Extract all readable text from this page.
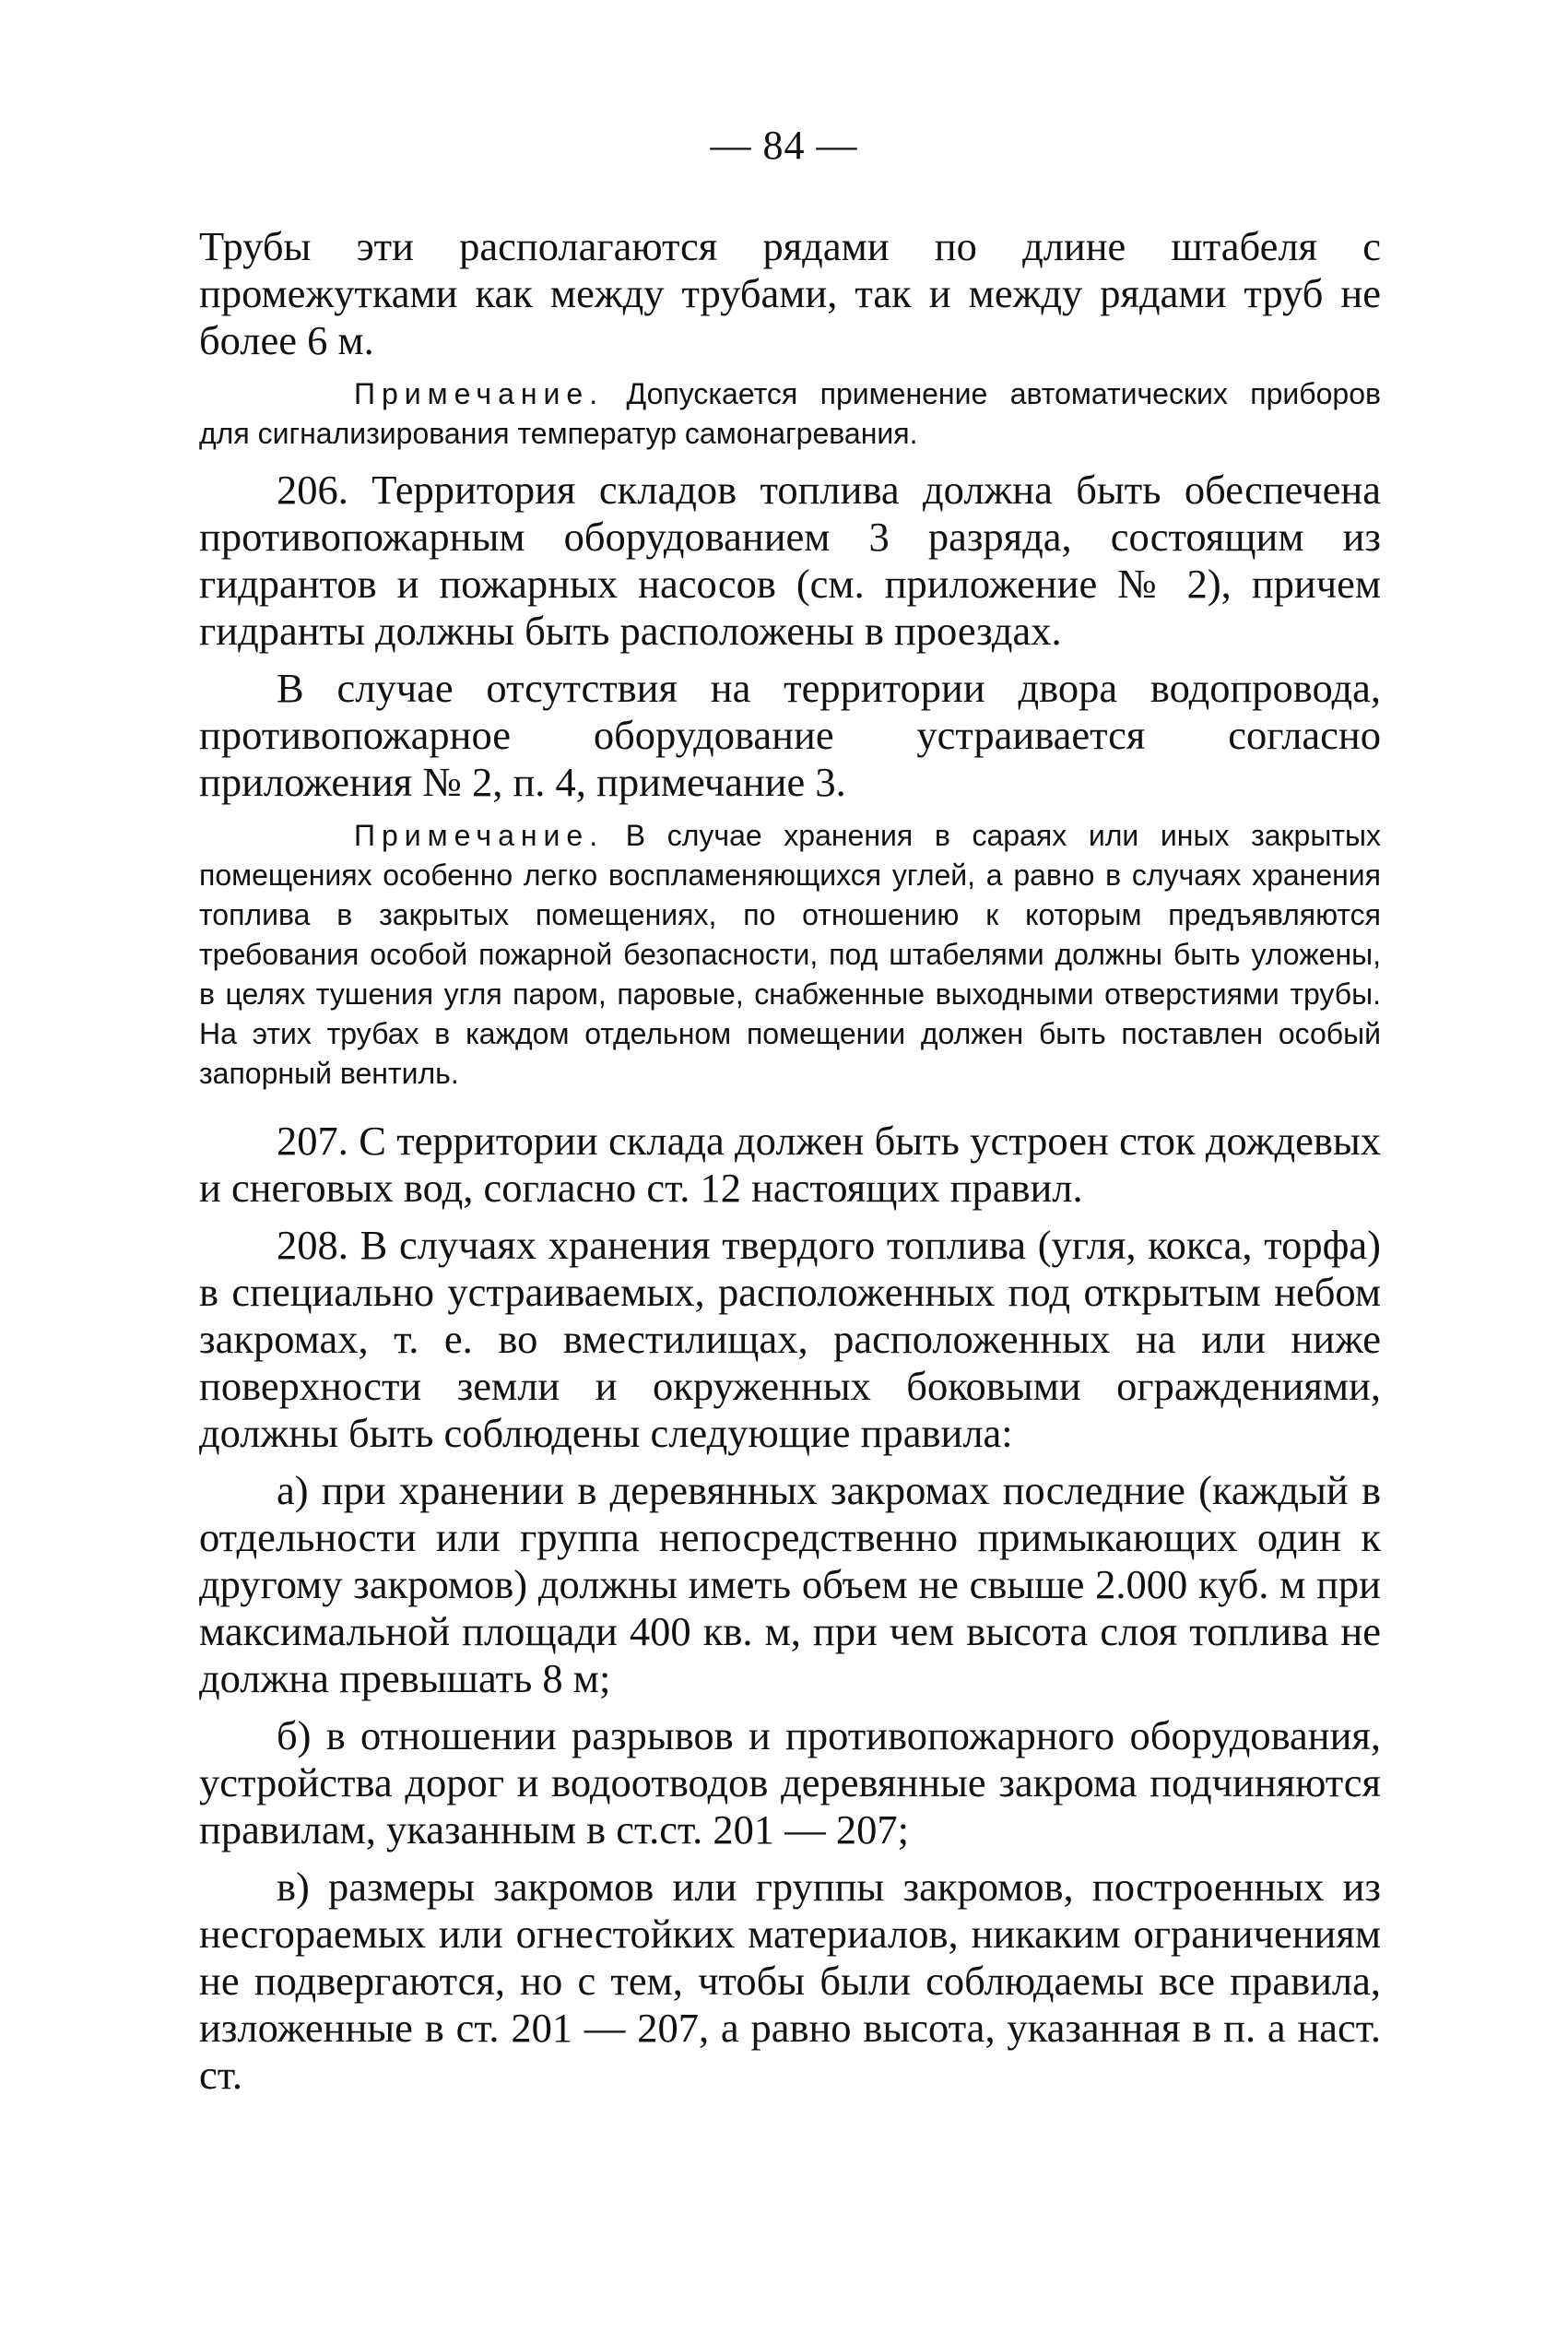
— 84 —

Трубы эти располагаются рядами по длине штабеля с промежутками как между трубами, так и между рядами труб не более 6 м.

Примечание. Допускается применение автоматических приборов для сигнализирования температур самонагревания.

206. Территория складов топлива должна быть обеспечена противопожарным оборудованием 3 разряда, состоящим из гидрантов и пожарных насосов (см. приложение № 2), причем гидранты должны быть расположены в проездах.

В случае отсутствия на территории двора водопровода, противопожарное оборудование устраивается согласно приложения № 2, п. 4, примечание 3.

Примечание. В случае хранения в сараях или иных закрытых помещениях особенно легко воспламеняющихся углей, а равно в случаях хранения топлива в закрытых помещениях, по отношению к которым предъявляются требования особой пожарной безопасности, под штабелями должны быть уложены, в целях тушения угля паром, паровые, снабженные выходными отверстиями трубы. На этих трубах в каждом отдельном помещении должен быть поставлен особый запорный вентиль.

207. С территории склада должен быть устроен сток дождевых и снеговых вод, согласно ст. 12 настоящих правил.

208. В случаях хранения твердого топлива (угля, кокса, торфа) в специально устраиваемых, расположенных под открытым небом закромах, т. е. во вместилищах, расположенных на или ниже поверхности земли и окруженных боковыми ограждениями, должны быть соблюдены следующие правила:

а) при хранении в деревянных закромах последние (каждый в отдельности или группа непосредственно примыкающих один к другому закромов) должны иметь объем не свыше 2.000 куб. м при максимальной площади 400 кв. м, при чем высота слоя топлива не должна превышать 8 м;

б) в отношении разрывов и противопожарного оборудования, устройства дорог и водоотводов деревянные закрома подчиняются правилам, указанным в ст.ст. 201 — 207;

в) размеры закромов или группы закромов, построенных из несгораемых или огнестойких материалов, никаким ограничениям не подвергаются, но с тем, чтобы были соблюдаемы все правила, изложенные в ст. 201 — 207, а равно высота, указанная в п. а наст. ст.
